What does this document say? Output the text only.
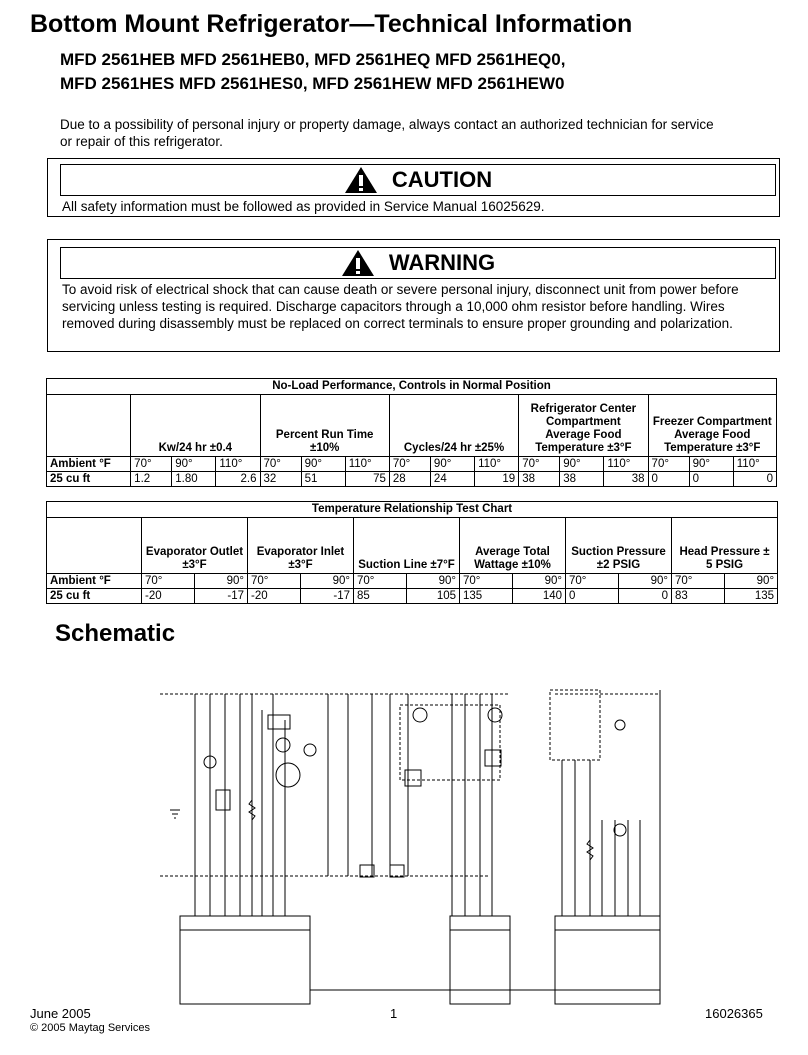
Bottom Mount Refrigerator—Technical Information
MFD 2561HEB MFD 2561HEB0, MFD 2561HEQ MFD 2561HEQ0,
MFD 2561HES MFD 2561HES0, MFD 2561HEW MFD 2561HEW0
Due to a possibility of personal injury or property damage, always contact an authorized technician for service or repair of this refrigerator.
CAUTION
All safety information must be followed as provided in Service Manual 16025629.
WARNING
To avoid risk of electrical shock that can cause death or severe personal injury, disconnect unit from power before servicing unless testing is required. Discharge capacitors through a 10,000 ohm resistor before handling. Wires removed during disassembly must be replaced on correct terminals to ensure proper grounding and polarization.
No-Load Performance, Controls in Normal Position															
	Kw/24 hr ±0.4			Percent Run Time ±10%			Cycles/24 hr ±25%			Refrigerator Center Compartment Average Food Temperature ±3°F			Freezer Compartment Average Food Temperature ±3°F		
Ambient °F	70°	90°	110°	70°	90°	110°	70°	90°	110°	70°	90°	110°	70°	90°	110°
25 cu ft	1.2	1.80	2.6	32	51	75	28	24	19	38	38	38	0	0	0
Temperature Relationship Test Chart												
	Evaporator Outlet ±3°F		Evaporator Inlet ±3°F		Suction Line ±7°F		Average Total Wattage ±10%		Suction Pressure ±2 PSIG		Head Pressure ± 5 PSIG	
Ambient °F	70°	90°	70°	90°	70°	90°	70°	90°	70°	90°	70°	90°
25 cu ft	-20	-17	-20	-17	85	105	135	140	0	0	83	135
Schematic
June 2005	1	16026365
© 2005 Maytag Services
